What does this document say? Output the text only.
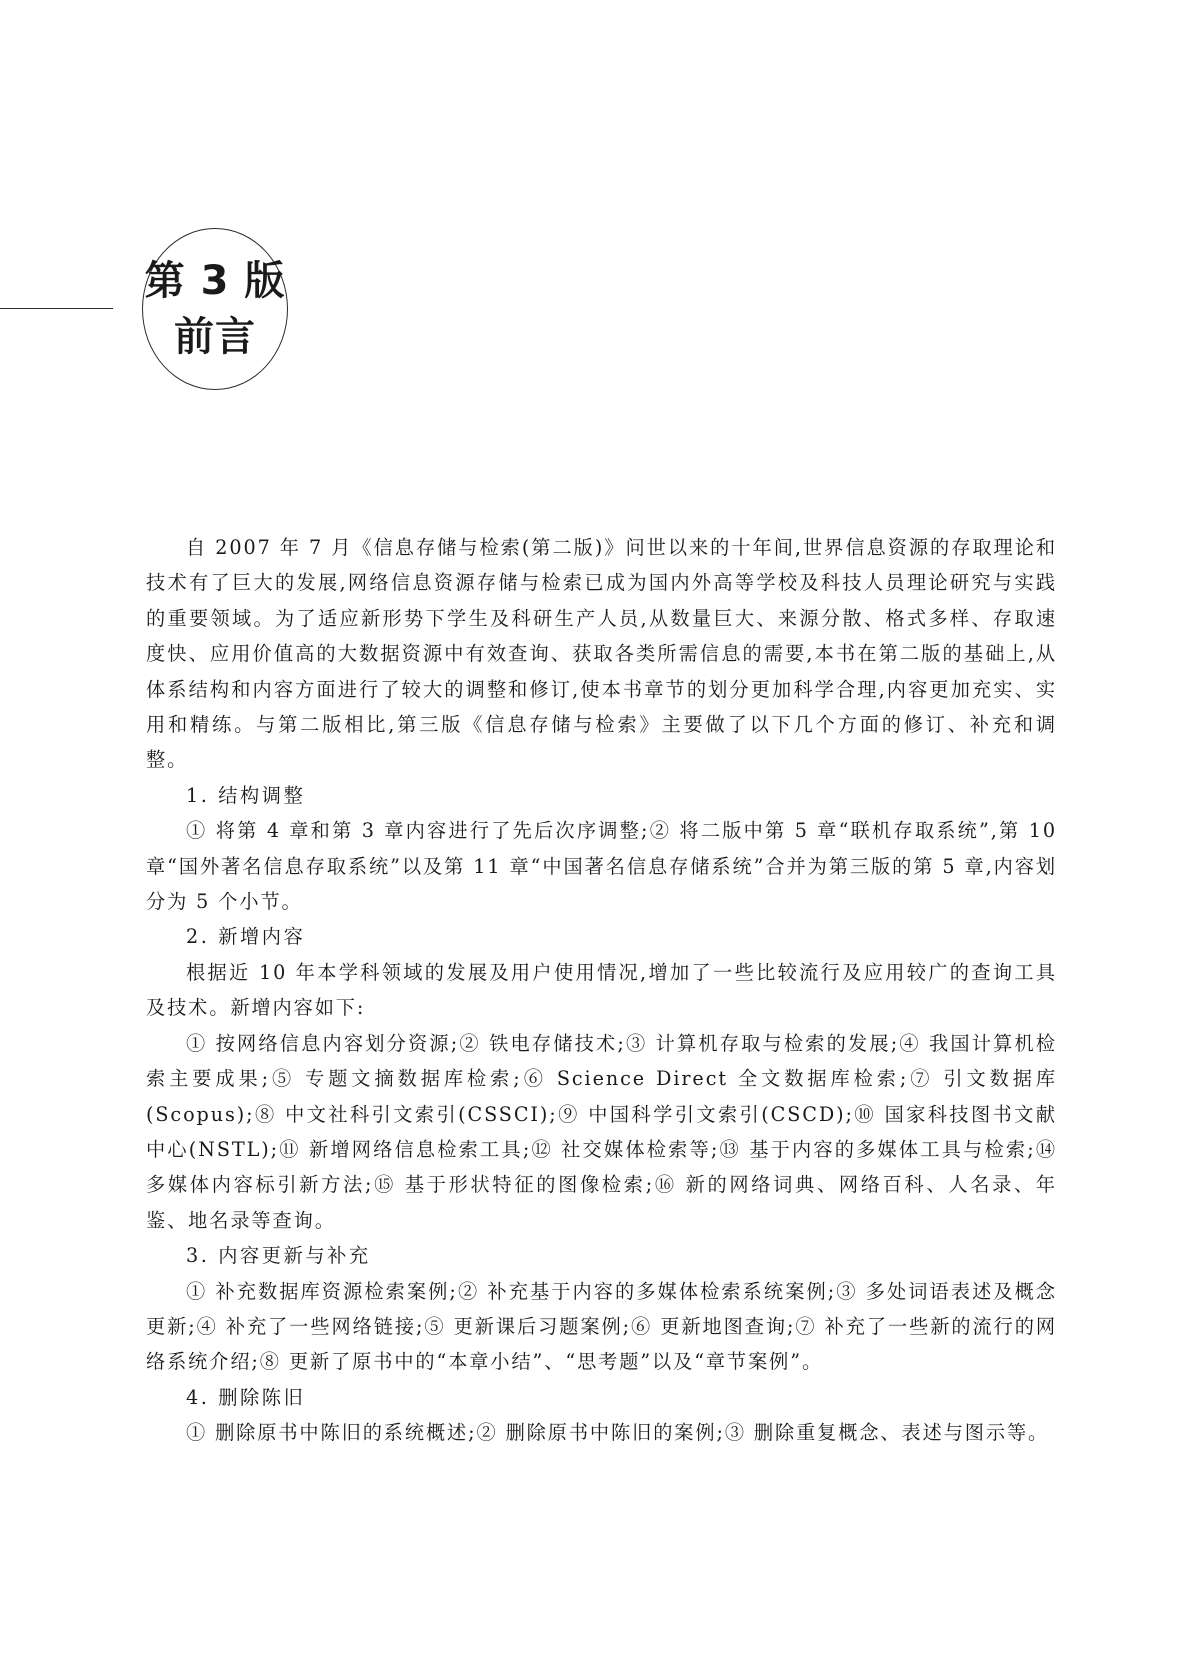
第 3 版
前言

自 2007 年 7 月《信息存储与检索(第二版)》问世以来的十年间,世界信息资源的存取理论和技术有了巨大的发展,网络信息资源存储与检索已成为国内外高等学校及科技人员理论研究与实践的重要领域。为了适应新形势下学生及科研生产人员,从数量巨大、来源分散、格式多样、存取速度快、应用价值高的大数据资源中有效查询、获取各类所需信息的需要,本书在第二版的基础上,从体系结构和内容方面进行了较大的调整和修订,使本书章节的划分更加科学合理,内容更加充实、实用和精练。与第二版相比,第三版《信息存储与检索》主要做了以下几个方面的修订、补充和调整。

1. 结构调整

① 将第 4 章和第 3 章内容进行了先后次序调整;② 将二版中第 5 章“联机存取系统”,第 10 章“国外著名信息存取系统”以及第 11 章“中国著名信息存储系统”合并为第三版的第 5 章,内容划分为 5 个小节。

2. 新增内容

根据近 10 年本学科领域的发展及用户使用情况,增加了一些比较流行及应用较广的查询工具及技术。新增内容如下:

① 按网络信息内容划分资源;② 铁电存储技术;③ 计算机存取与检索的发展;④ 我国计算机检索主要成果;⑤ 专题文摘数据库检索;⑥ Science Direct 全文数据库检索;⑦ 引文数据库(Scopus);⑧ 中文社科引文索引(CSSCI);⑨ 中国科学引文索引(CSCD);⑩ 国家科技图书文献中心(NSTL);⑪ 新增网络信息检索工具;⑫ 社交媒体检索等;⑬ 基于内容的多媒体工具与检索;⑭ 多媒体内容标引新方法;⑮ 基于形状特征的图像检索;⑯ 新的网络词典、网络百科、人名录、年鉴、地名录等查询。

3. 内容更新与补充

① 补充数据库资源检索案例;② 补充基于内容的多媒体检索系统案例;③ 多处词语表述及概念更新;④ 补充了一些网络链接;⑤ 更新课后习题案例;⑥ 更新地图查询;⑦ 补充了一些新的流行的网络系统介绍;⑧ 更新了原书中的“本章小结”、“思考题”以及“章节案例”。

4. 删除陈旧

① 删除原书中陈旧的系统概述;② 删除原书中陈旧的案例;③ 删除重复概念、表述与图示等。
